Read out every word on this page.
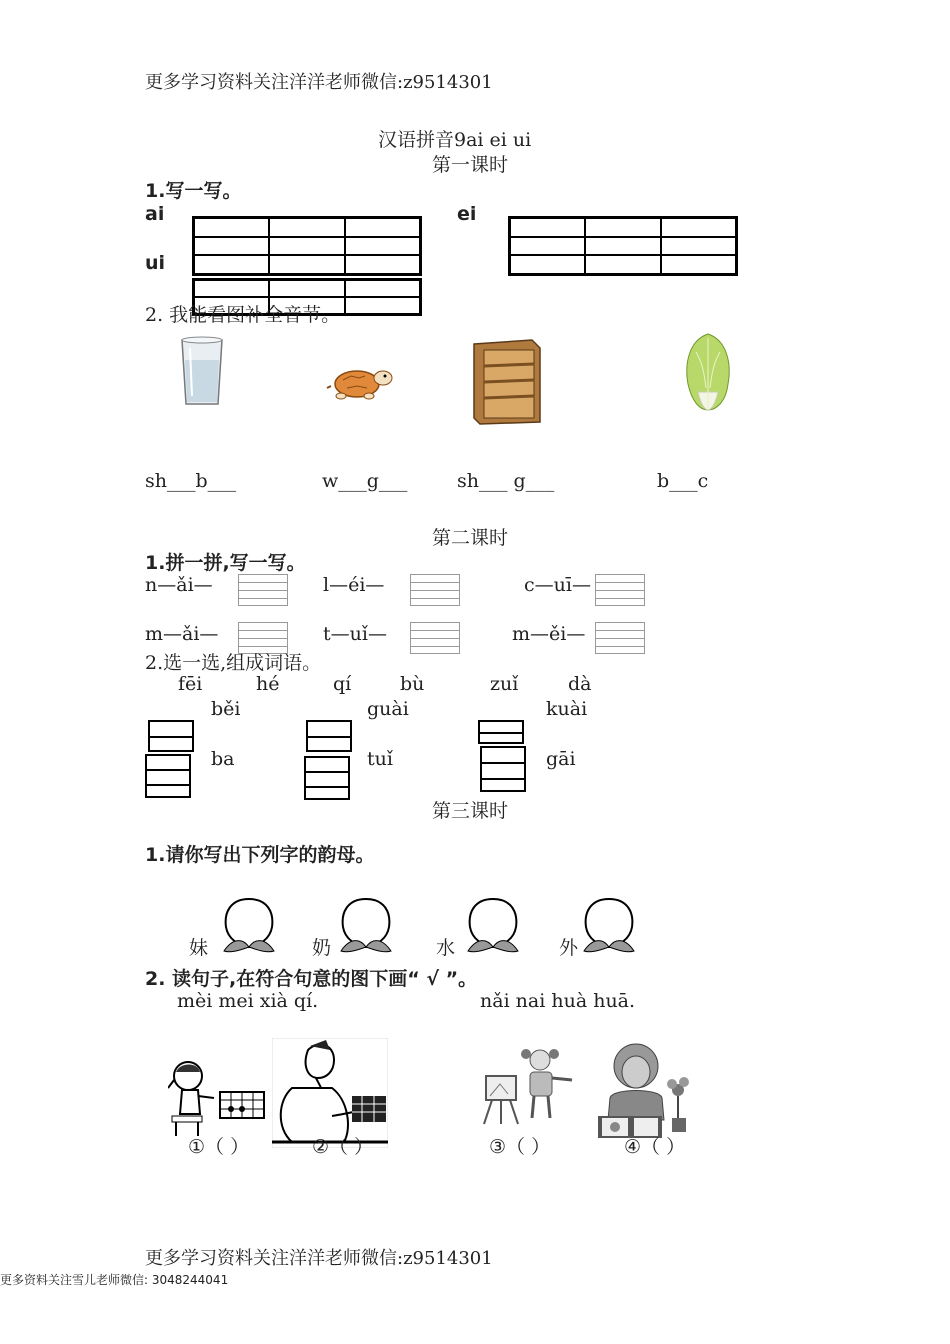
更多学习资料关注洋洋老师微信:z9514301
汉语拼音9ai ei ui
第一课时
1.写一写。
ai	ei
ui
2. 我能看图补全音节。
sh___b___	w___g___	sh___ g___	b___c
第二课时
1.拼一拼,写一写。
n—ǎi—	l—éi—	c—uī—
m—ǎi—	t—uǐ—	m—ěi—
2.选一选,组成词语。
fēi	hé	qí	bù	zuǐ	dà
běi	guài	kuài
ba	tuǐ	gāi
第三课时
1.请你写出下列字的韵母。
妹	奶	水	外
2. 读句子,在符合句意的图下画“ √ ”。
mèi mei xià qí.	nǎi nai huà huā.
①（ ）	②（ ）	③（ ）	④（ ）
更多学习资料关注洋洋老师微信:z9514301
更多资料关注雪儿老师微信: 3048244041
